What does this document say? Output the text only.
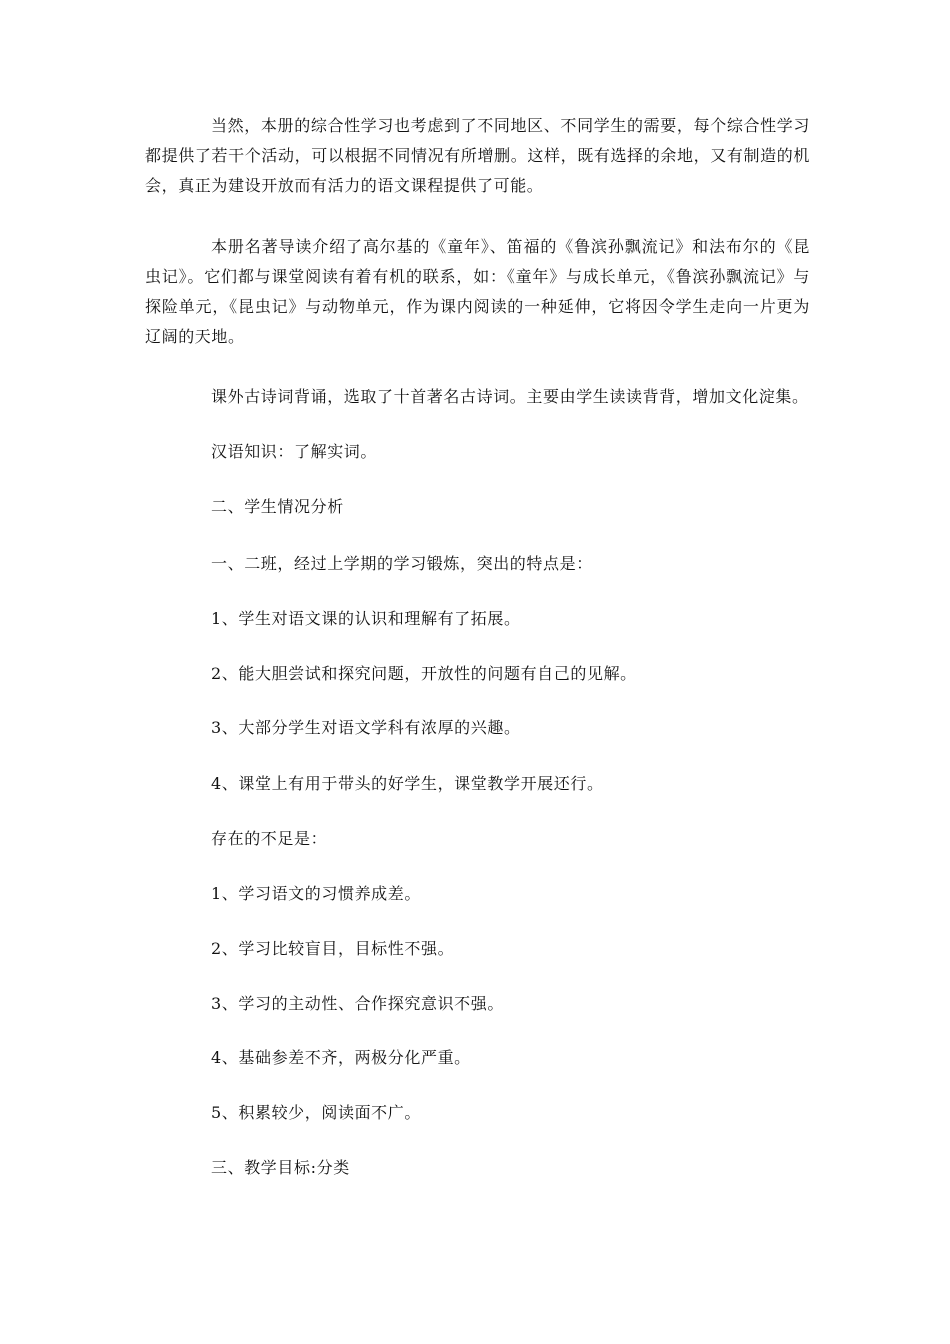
当然，本册的综合性学习也考虑到了不同地区、不同学生的需要，每个综合性学习都提供了若干个活动，可以根据不同情况有所增删。这样，既有选择的余地，又有制造的机会，真正为建设开放而有活力的语文课程提供了可能。

本册名著导读介绍了高尔基的《童年》、笛福的《鲁滨孙飘流记》和法布尔的《昆虫记》。它们都与课堂阅读有着有机的联系，如：《童年》与成长单元，《鲁滨孙飘流记》与探险单元，《昆虫记》与动物单元，作为课内阅读的一种延伸，它将因令学生走向一片更为辽阔的天地。

课外古诗词背诵，选取了十首著名古诗词。主要由学生读读背背，增加文化淀集。

汉语知识：了解实词。

二、学生情况分析

一、二班，经过上学期的学习锻炼，突出的特点是：

1、学生对语文课的认识和理解有了拓展。

2、能大胆尝试和探究问题，开放性的问题有自己的见解。

3、大部分学生对语文学科有浓厚的兴趣。

4、课堂上有用于带头的好学生，课堂教学开展还行。

存在的不足是：

1、学习语文的习惯养成差。

2、学习比较盲目，目标性不强。

3、学习的主动性、合作探究意识不强。

4、基础参差不齐，两极分化严重。

5、积累较少，阅读面不广。

三、教学目标:分类
